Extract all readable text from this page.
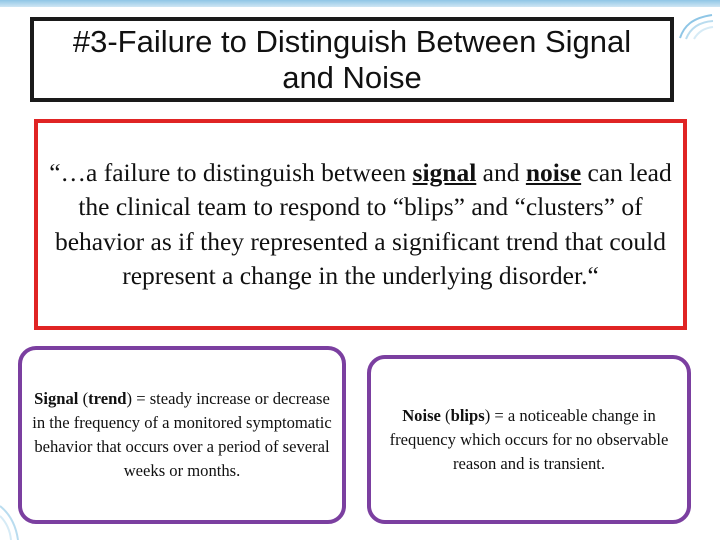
#3-Failure to Distinguish Between Signal and Noise
“…a failure to distinguish between signal and noise can lead the clinical team to respond to “blips” and “clusters” of behavior as if they represented a significant trend that could represent a change in the underlying disorder.“
Signal (trend) = steady increase or decrease in the frequency of a monitored symptomatic behavior that occurs over a period of several weeks or months.
Noise (blips) = a noticeable change in frequency which occurs for no observable reason and is transient.
